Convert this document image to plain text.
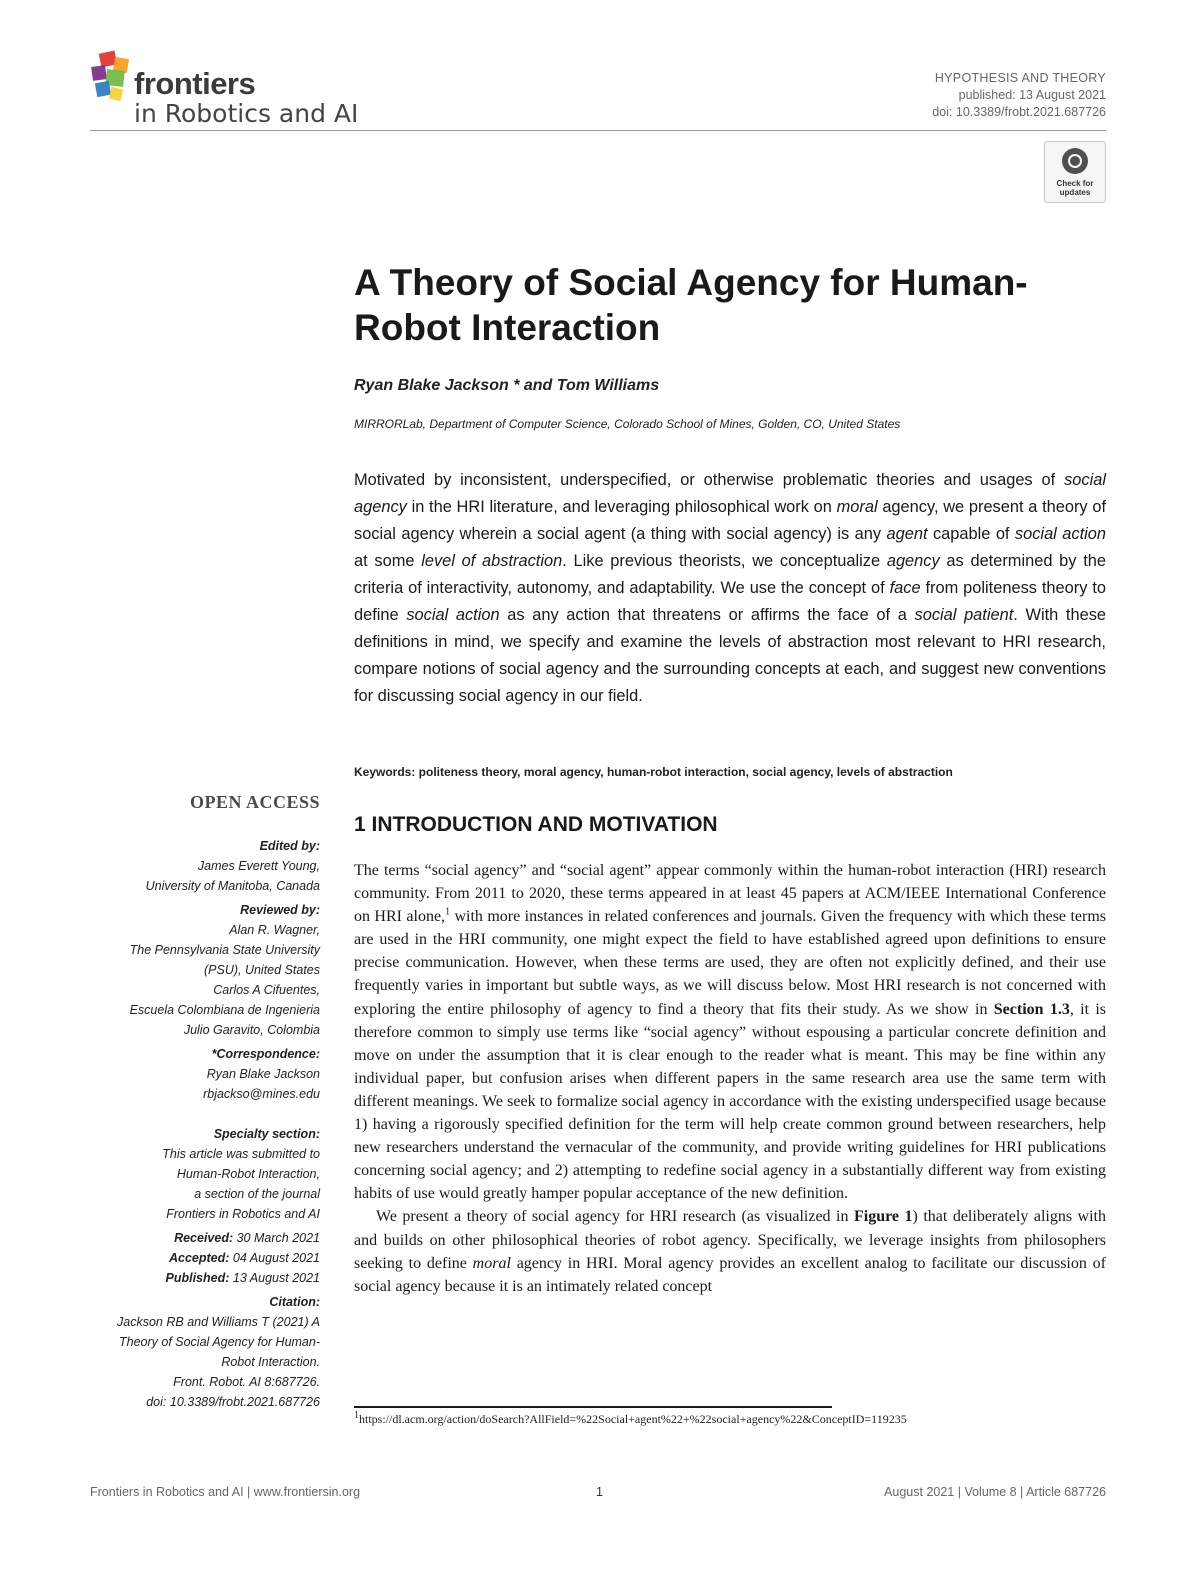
frontiers
in Robotics and AI
HYPOTHESIS AND THEORY
published: 13 August 2021
doi: 10.3389/frobt.2021.687726
Check for updates
A Theory of Social Agency for Human-Robot Interaction
Ryan Blake Jackson * and Tom Williams
MIRRORLab, Department of Computer Science, Colorado School of Mines, Golden, CO, United States

Motivated by inconsistent, underspecified, or otherwise problematic theories and usages of social agency in the HRI literature, and leveraging philosophical work on moral agency, we present a theory of social agency wherein a social agent (a thing with social agency) is any agent capable of social action at some level of abstraction. Like previous theorists, we conceptualize agency as determined by the criteria of interactivity, autonomy, and adaptability. We use the concept of face from politeness theory to define social action as any action that threatens or affirms the face of a social patient. With these definitions in mind, we specify and examine the levels of abstraction most relevant to HRI research, compare notions of social agency and the surrounding concepts at each, and suggest new conventions for discussing social agency in our field.

Keywords: politeness theory, moral agency, human-robot interaction, social agency, levels of abstraction
OPEN ACCESS
Edited by:
James Everett Young,
University of Manitoba, Canada
Reviewed by:
Alan R. Wagner,
The Pennsylvania State University
(PSU), United States
Carlos A Cifuentes,
Escuela Colombiana de Ingenieria
Julio Garavito, Colombia
*Correspondence:
Ryan Blake Jackson
rbjackso@mines.edu
Specialty section:
This article was submitted to
Human-Robot Interaction,
a section of the journal
Frontiers in Robotics and AI
Received: 30 March 2021
Accepted: 04 August 2021
Published: 13 August 2021
Citation:
Jackson RB and Williams T (2021) A
Theory of Social Agency for Human-
Robot Interaction.
Front. Robot. AI 8:687726.
doi: 10.3389/frobt.2021.687726
1 INTRODUCTION AND MOTIVATION

The terms “social agency” and “social agent” appear commonly within the human-robot interaction (HRI) research community. From 2011 to 2020, these terms appeared in at least 45 papers at ACM/IEEE International Conference on HRI alone,$^1$ with more instances in related conferences and journals. Given the frequency with which these terms are used in the HRI community, one might expect the field to have established agreed upon definitions to ensure precise communication. However, when these terms are used, they are often not explicitly defined, and their use frequently varies in important but subtle ways, as we will discuss below. Most HRI research is not concerned with exploring the entire philosophy of agency to find a theory that fits their study. As we show in Section 1.3, it is therefore common to simply use terms like “social agency” without espousing a particular concrete definition and move on under the assumption that it is clear enough to the reader what is meant. This may be fine within any individual paper, but confusion arises when different papers in the same research area use the same term with different meanings. We seek to formalize social agency in accordance with the existing underspecified usage because 1) having a rigorously specified definition for the term will help create common ground between researchers, help new researchers understand the vernacular of the community, and provide writing guidelines for HRI publications concerning social agency; and 2) attempting to redefine social agency in a substantially different way from existing habits of use would greatly hamper popular acceptance of the new definition.

We present a theory of social agency for HRI research (as visualized in Figure 1) that deliberately aligns with and builds on other philosophical theories of robot agency. Specifically, we leverage insights from philosophers seeking to define moral agency in HRI. Moral agency provides an excellent analog to facilitate our discussion of social agency because it is an intimately related concept

$^1$https://dl.acm.org/action/doSearch?AllField=%22Social+agent%22+%22social+agency%22&ConceptID=119235
Frontiers in Robotics and AI | www.frontiersin.org	1	August 2021 | Volume 8 | Article 687726
